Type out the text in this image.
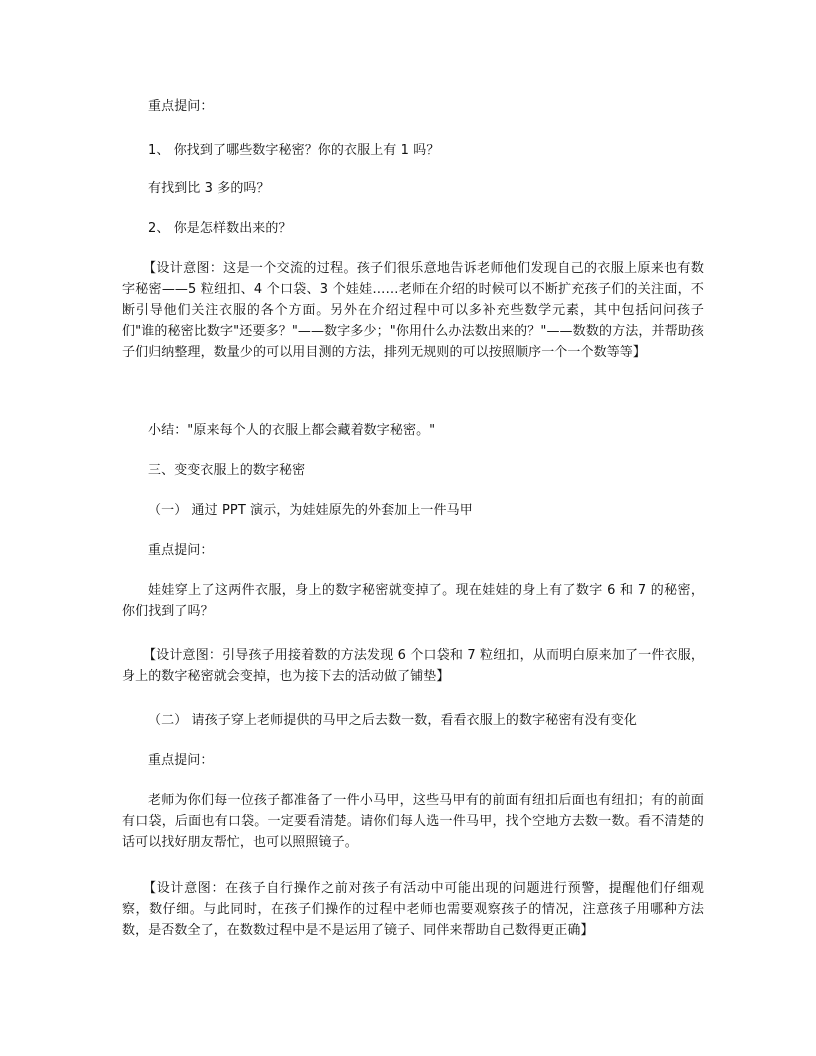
重点提问：

1、 你找到了哪些数字秘密？你的衣服上有 1 吗？

有找到比 3 多的吗？

2、 你是怎样数出来的？

【设计意图：这是一个交流的过程。孩子们很乐意地告诉老师他们发现自己的衣服上原来也有数字秘密——5 粒纽扣、4 个口袋、3 个娃娃……老师在介绍的时候可以不断扩充孩子们的关注面，不断引导他们关注衣服的各个方面。另外在介绍过程中可以多补充些数学元素，其中包括问问孩子们"谁的秘密比数字"还要多？"——数字多少；"你用什么办法数出来的？"——数数的方法，并帮助孩子们归纳整理，数量少的可以用目测的方法，排列无规则的可以按照顺序一个一个数等等】

小结："原来每个人的衣服上都会藏着数字秘密。"

三、变变衣服上的数字秘密

（一） 通过 PPT 演示，为娃娃原先的外套加上一件马甲

重点提问：

娃娃穿上了这两件衣服，身上的数字秘密就变掉了。现在娃娃的身上有了数字 6 和 7 的秘密，你们找到了吗？

【设计意图：引导孩子用接着数的方法发现 6 个口袋和 7 粒纽扣，从而明白原来加了一件衣服，身上的数字秘密就会变掉，也为接下去的活动做了铺垫】

（二） 请孩子穿上老师提供的马甲之后去数一数，看看衣服上的数字秘密有没有变化

重点提问：

老师为你们每一位孩子都准备了一件小马甲，这些马甲有的前面有纽扣后面也有纽扣；有的前面有口袋，后面也有口袋。一定要看清楚。请你们每人选一件马甲，找个空地方去数一数。看不清楚的话可以找好朋友帮忙，也可以照照镜子。

【设计意图：在孩子自行操作之前对孩子有活动中可能出现的问题进行预警，提醒他们仔细观察，数仔细。与此同时，在孩子们操作的过程中老师也需要观察孩子的情况，注意孩子用哪种方法数，是否数全了，在数数过程中是不是运用了镜子、同伴来帮助自己数得更正确】
